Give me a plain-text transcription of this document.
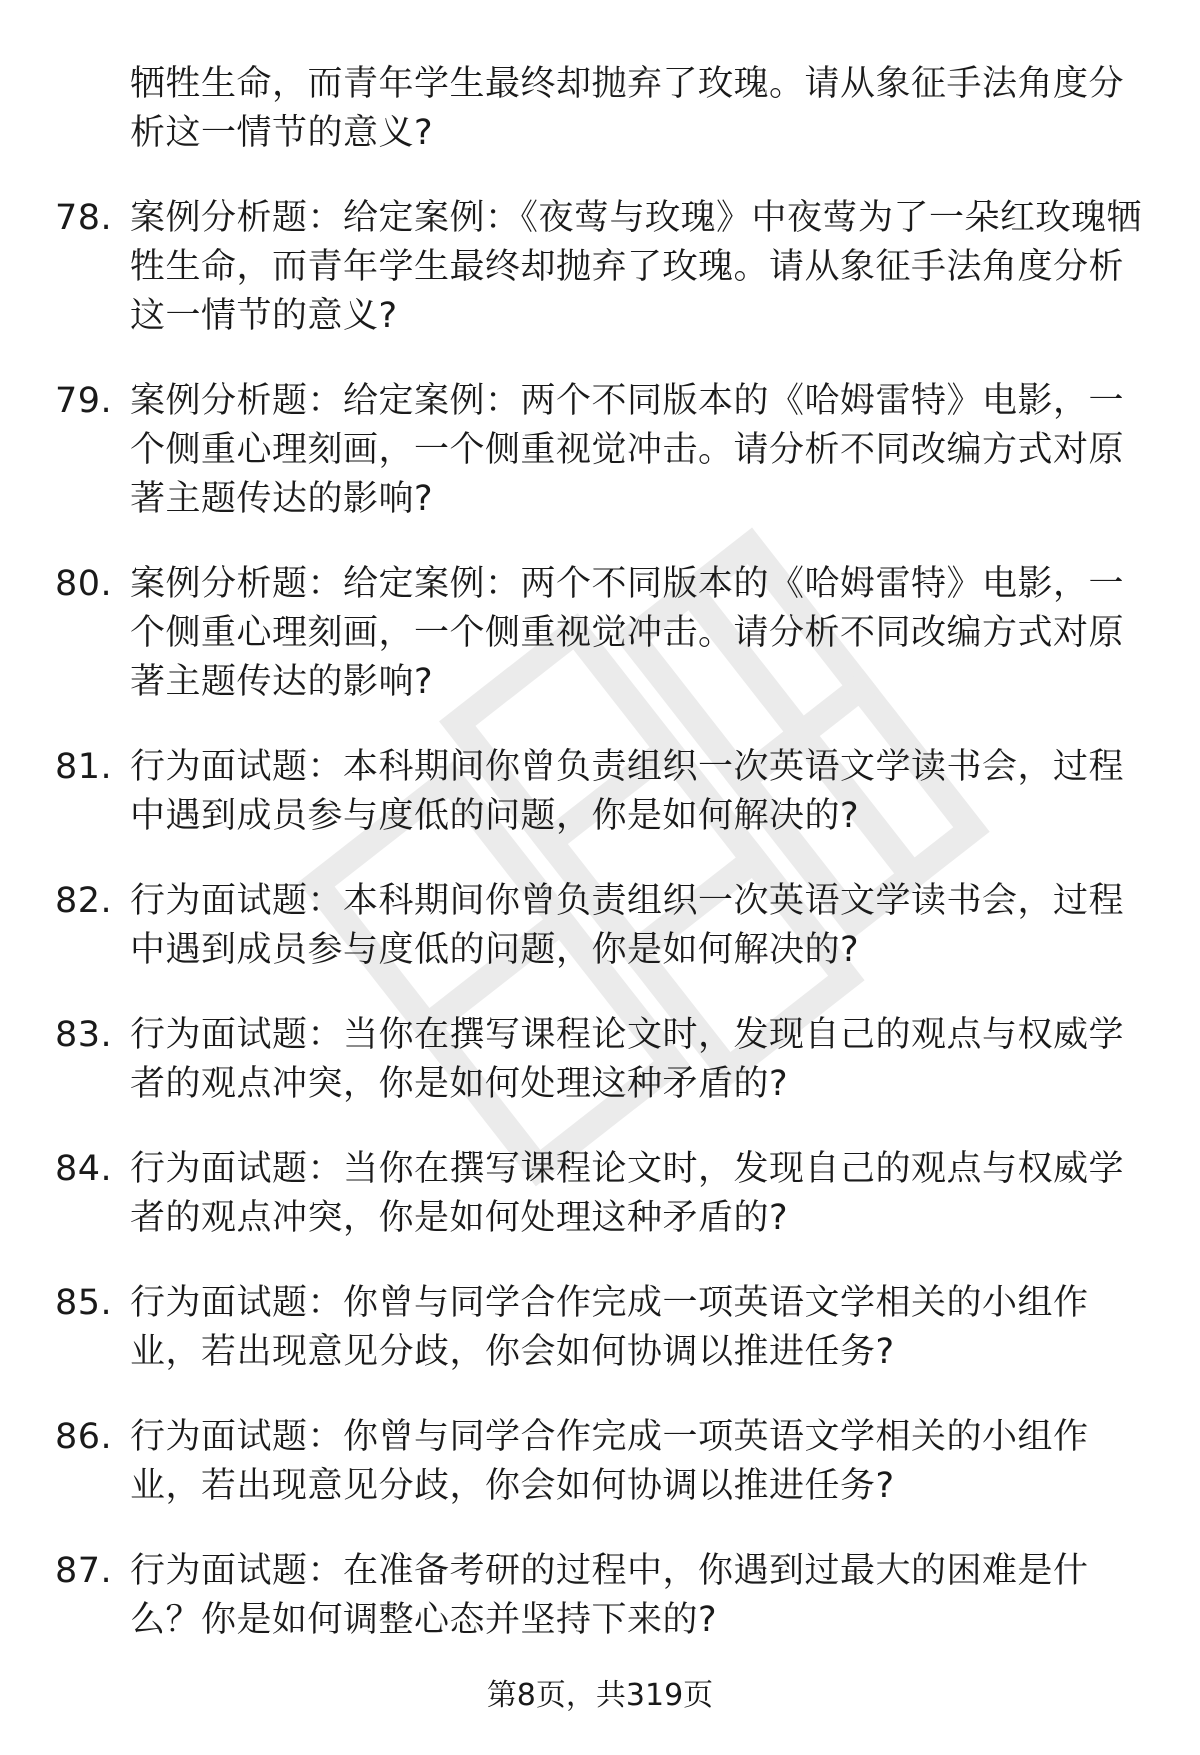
牺牲生命，而青年学生最终却抛弃了玫瑰。请从象征手法角度分析这一情节的意义?
78. 案例分析题：给定案例：《夜莺与玫瑰》中夜莺为了一朵红玫瑰牺牲生命，而青年学生最终却抛弃了玫瑰。请从象征手法角度分析这一情节的意义?
79. 案例分析题：给定案例：两个不同版本的《哈姆雷特》电影，一个侧重心理刻画，一个侧重视觉冲击。请分析不同改编方式对原著主题传达的影响?
80. 案例分析题：给定案例：两个不同版本的《哈姆雷特》电影，一个侧重心理刻画，一个侧重视觉冲击。请分析不同改编方式对原著主题传达的影响?
81. 行为面试题：本科期间你曾负责组织一次英语文学读书会，过程中遇到成员参与度低的问题，你是如何解决的?
82. 行为面试题：本科期间你曾负责组织一次英语文学读书会，过程中遇到成员参与度低的问题，你是如何解决的?
83. 行为面试题：当你在撰写课程论文时，发现自己的观点与权威学者的观点冲突，你是如何处理这种矛盾的?
84. 行为面试题：当你在撰写课程论文时，发现自己的观点与权威学者的观点冲突，你是如何处理这种矛盾的?
85. 行为面试题：你曾与同学合作完成一项英语文学相关的小组作业，若出现意见分歧，你会如何协调以推进任务?
86. 行为面试题：你曾与同学合作完成一项英语文学相关的小组作业，若出现意见分歧，你会如何协调以推进任务?
87. 行为面试题：在准备考研的过程中，你遇到过最大的困难是什么？你是如何调整心态并坚持下来的?
第8页，共319页
